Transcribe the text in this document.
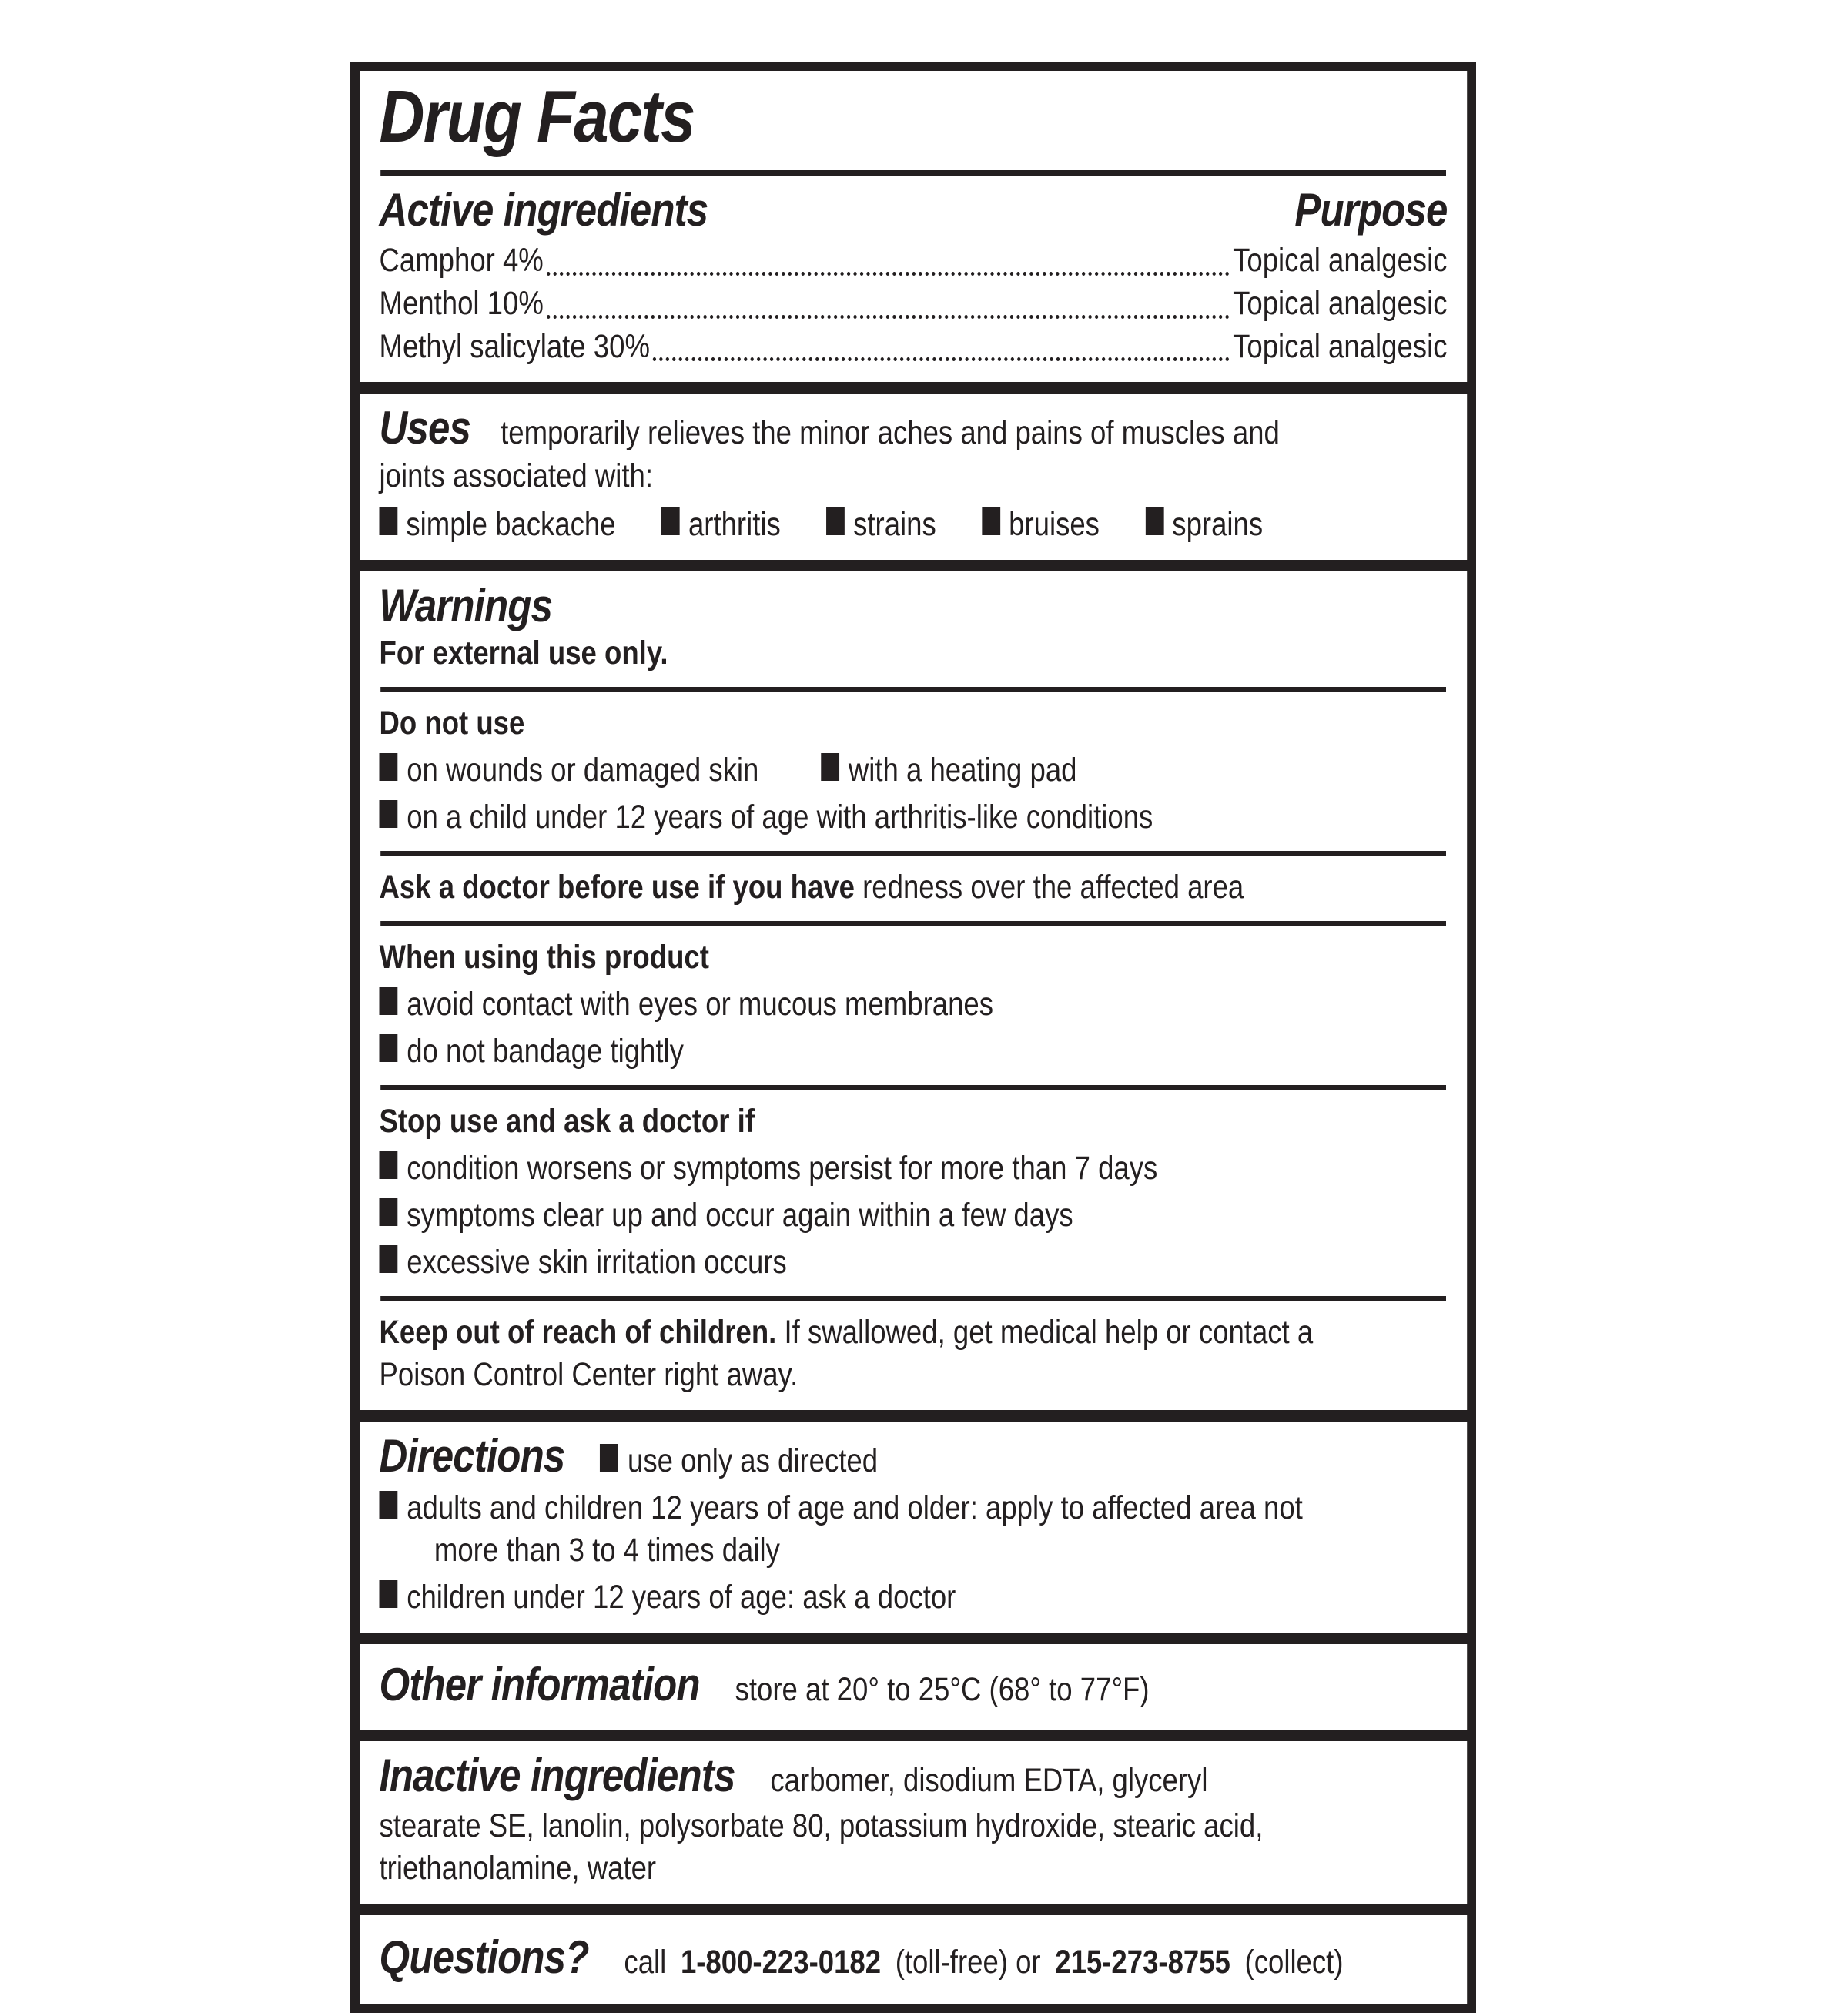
Drug Facts
Active ingredients	Purpose
Camphor 4%	Topical analgesic
Menthol 10%	Topical analgesic
Methyl salicylate 30%	Topical analgesic
Uses temporarily relieves the minor aches and pains of muscles and
joints associated with:
simple backache arthritis strains bruises sprains
Warnings
For external use only.
Do not use
on wounds or damaged skin	with a heating pad
on a child under 12 years of age with arthritis-like conditions
Ask a doctor before use if you have redness over the affected area
When using this product
avoid contact with eyes or mucous membranes
do not bandage tightly
Stop use and ask a doctor if
condition worsens or symptoms persist for more than 7 days
symptoms clear up and occur again within a few days
excessive skin irritation occurs
Keep out of reach of children. If swallowed, get medical help or contact a
Poison Control Center right away.
Directions use only as directed
adults and children 12 years of age and older: apply to affected area not
more than 3 to 4 times daily
children under 12 years of age: ask a doctor
Other information store at 20° to 25°C (68° to 77°F)
Inactive ingredients carbomer, disodium EDTA, glyceryl
stearate SE, lanolin, polysorbate 80, potassium hydroxide, stearic acid,
triethanolamine, water
Questions? call 1-800-223-0182 (toll-free) or 215-273-8755 (collect)
